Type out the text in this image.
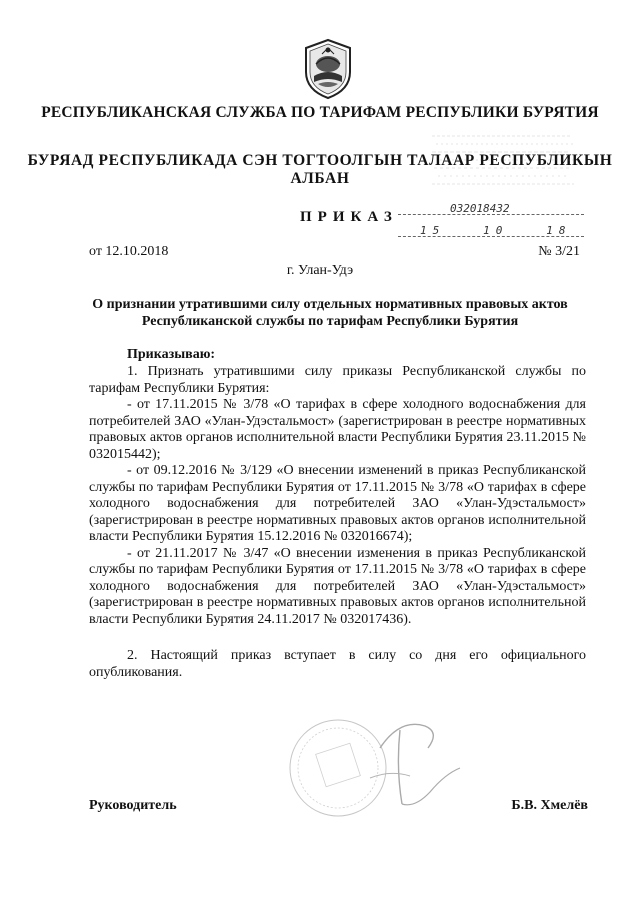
РЕСПУБЛИКАНСКАЯ СЛУЖБА ПО ТАРИФАМ РЕСПУБЛИКИ БУРЯТИЯ
БУРЯАД РЕСПУБЛИКАДА СЭН ТОГТООЛГЫН ТАЛААР РЕСПУБЛИКЫН АЛБАН
ПРИКАЗ
032018432
15   10   18
от 12.10.2018	№ 3/21
г. Улан-Удэ
О признании утратившими силу отдельных нормативных правовых актов Республиканской службы по тарифам Республики Бурятия
Приказываю:

1. Признать утратившими силу приказы Республиканской службы по тарифам Республики Бурятия:

- от 17.11.2015 № 3/78 «О тарифах в сфере холодного водоснабжения для потребителей ЗАО «Улан-Удэстальмост» (зарегистрирован в реестре нормативных правовых актов органов исполнительной власти Республики Бурятия 23.11.2015 № 032015442);

- от 09.12.2016 № 3/129 «О внесении изменений в приказ Республиканской службы по тарифам Республики Бурятия от 17.11.2015 № 3/78 «О тарифах в сфере холодного водоснабжения для потребителей ЗАО «Улан-Удэстальмост» (зарегистрирован в реестре нормативных правовых актов органов исполнительной власти Республики Бурятия 15.12.2016 № 032016674);

- от 21.11.2017 № 3/47 «О внесении изменения в приказ Республиканской службы по тарифам Республики Бурятия от 17.11.2015 № 3/78 «О тарифах в сфере холодного водоснабжения для потребителей ЗАО «Улан-Удэстальмост» (зарегистрирован в реестре нормативных правовых актов органов исполнительной власти Республики Бурятия 24.11.2017 № 032017436).

2. Настоящий приказ вступает в силу со дня его официального опубликования.

Руководитель	Б.В. Хмелёв
